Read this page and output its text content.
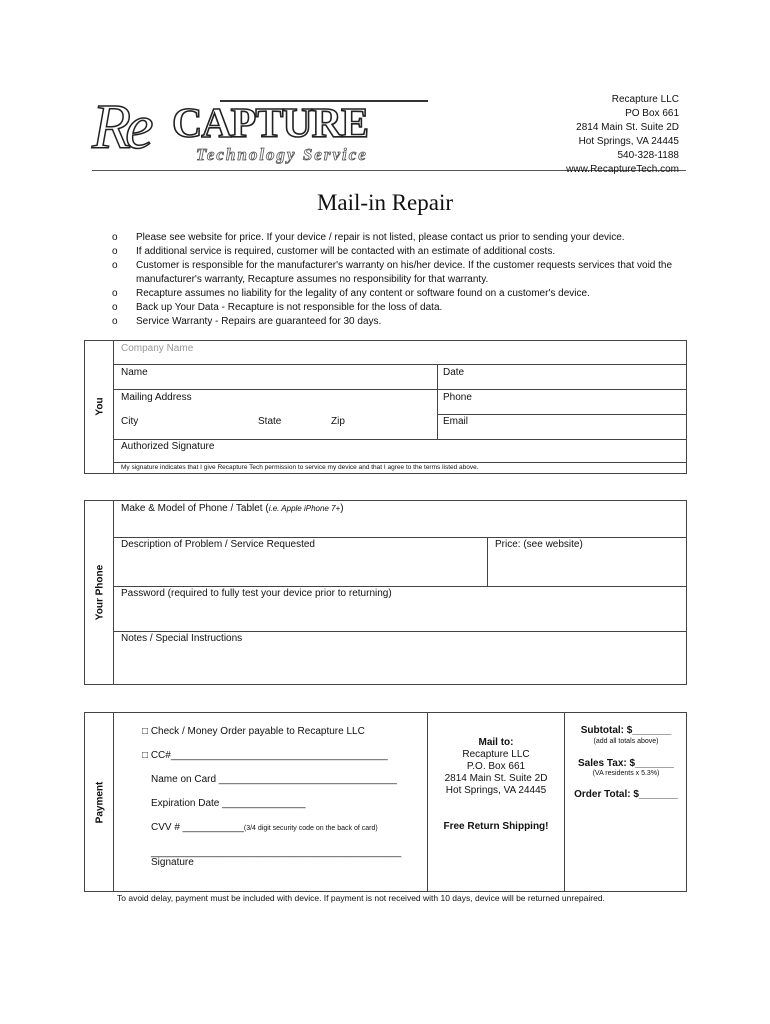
Re CAPTURE
Technology Service
Recapture LLC
PO Box 661
2814 Main St. Suite 2D
Hot Springs, VA 24445
540-328-1188
www.RecaptureTech.com
Mail-in Repair
o	Please see website for price. If your device / repair is not listed, please contact us prior to sending your device.
o	If additional service is required, customer will be contacted with an estimate of additional costs.
o	Customer is responsible for the manufacturer's warranty on his/her device. If the customer requests services that void the manufacturer's warranty, Recapture assumes no responsibility for that warranty.
o	Recapture assumes no liability for the legality of any content or software found on a customer's device.
o	Back up Your Data - Recapture is not responsible for the loss of data.
o	Service Warranty - Repairs are guaranteed for 30 days.
You
Company Name
Name	Date
Mailing Address	Phone
City	State	Zip	Email
Authorized Signature
My signature indicates that I give Recapture Tech permission to service my device and that I agree to the terms listed above.
Your Phone
Make & Model of Phone / Tablet (i.e. Apple iPhone 7+)
Description of Problem / Service Requested	Price: (see website)
Password (required to fully test your device prior to returning)
Notes / Special Instructions
Payment
□ Check / Money Order payable to Recapture LLC
□ CC#_______________________________________
Name on Card ________________________________
Expiration Date _______________
CVV # ___________(3/4 digit security code on the back of card)
_____________________________________________
Signature
Mail to:
Recapture LLC
P.O. Box 661
2814 Main St. Suite 2D
Hot Springs, VA 24445
Free Return Shipping!
Subtotal: $_______
(add all totals above)
Sales Tax: $_______
(VA residents x 5.3%)
Order Total: $_______
To avoid delay, payment must be included with device. If payment is not received with 10 days, device will be returned unrepaired.
